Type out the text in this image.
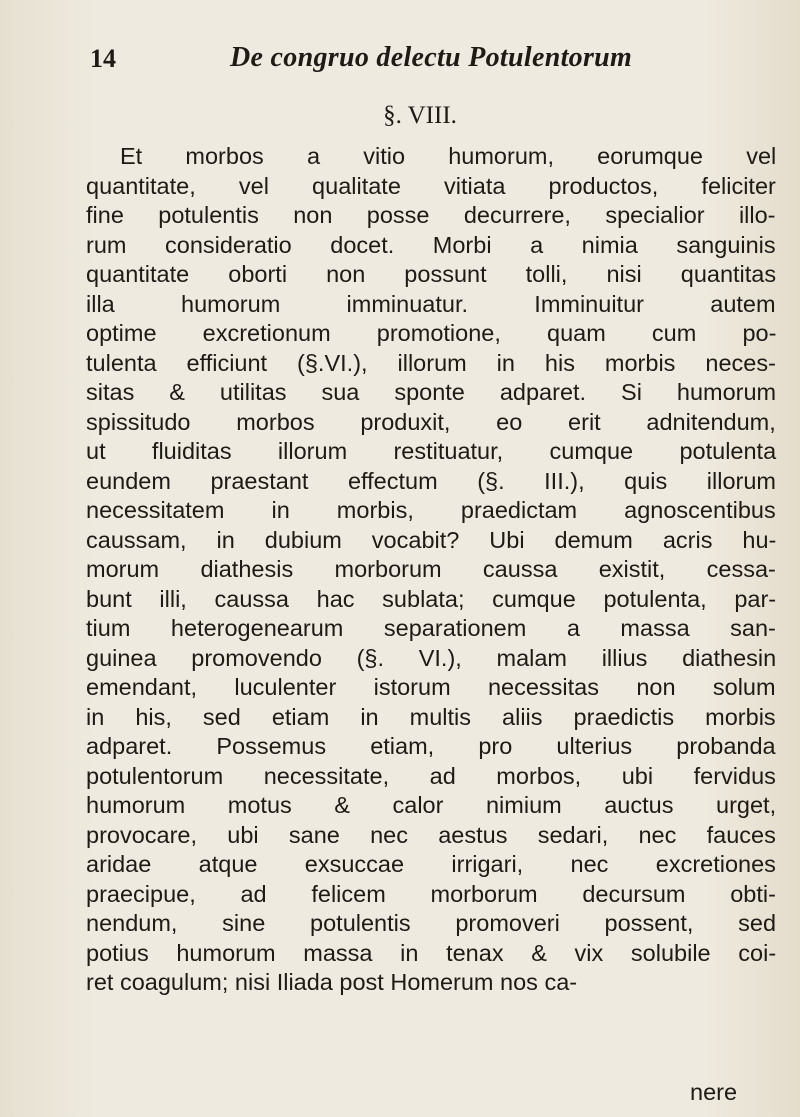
14	De congruo delectu Potulentorum
§. VIII.
Et morbos a vitio humorum, eorumque vel
quantitate, vel qualitate vitiata productos, feliciter
fine potulentis non posse decurrere, specialior illo-
rum consideratio docet. Morbi a nimia sanguinis
quantitate oborti non possunt tolli, nisi quantitas
illa humorum imminuatur. Imminuitur autem
optime excretionum promotione, quam cum po-
tulenta efficiunt (§.VI.), illorum in his morbis neces-
sitas & utilitas sua sponte adparet. Si humorum
spissitudo morbos produxit, eo erit adnitendum,
ut fluiditas illorum restituatur, cumque potulenta
eundem praestant effectum (§. III.), quis illorum
necessitatem in morbis, praedictam agnoscentibus
caussam, in dubium vocabit? Ubi demum acris hu-
morum diathesis morborum caussa existit, cessa-
bunt illi, caussa hac sublata; cumque potulenta, par-
tium heterogenearum separationem a massa san-
guinea promovendo (§. VI.), malam illius diathesin
emendant, luculenter istorum necessitas non solum
in his, sed etiam in multis aliis praedictis morbis
adparet. Possemus etiam, pro ulterius probanda
potulentorum necessitate, ad morbos, ubi fervidus
humorum motus & calor nimium auctus urget,
provocare, ubi sane nec aestus sedari, nec fauces
aridae atque exsuccae irrigari, nec excretiones
praecipue, ad felicem morborum decursum obti-
nendum, sine potulentis promoveri possent, sed
potius humorum massa in tenax & vix solubile coi-
ret coagulum; nisi Iliada post Homerum nos ca-
nere
